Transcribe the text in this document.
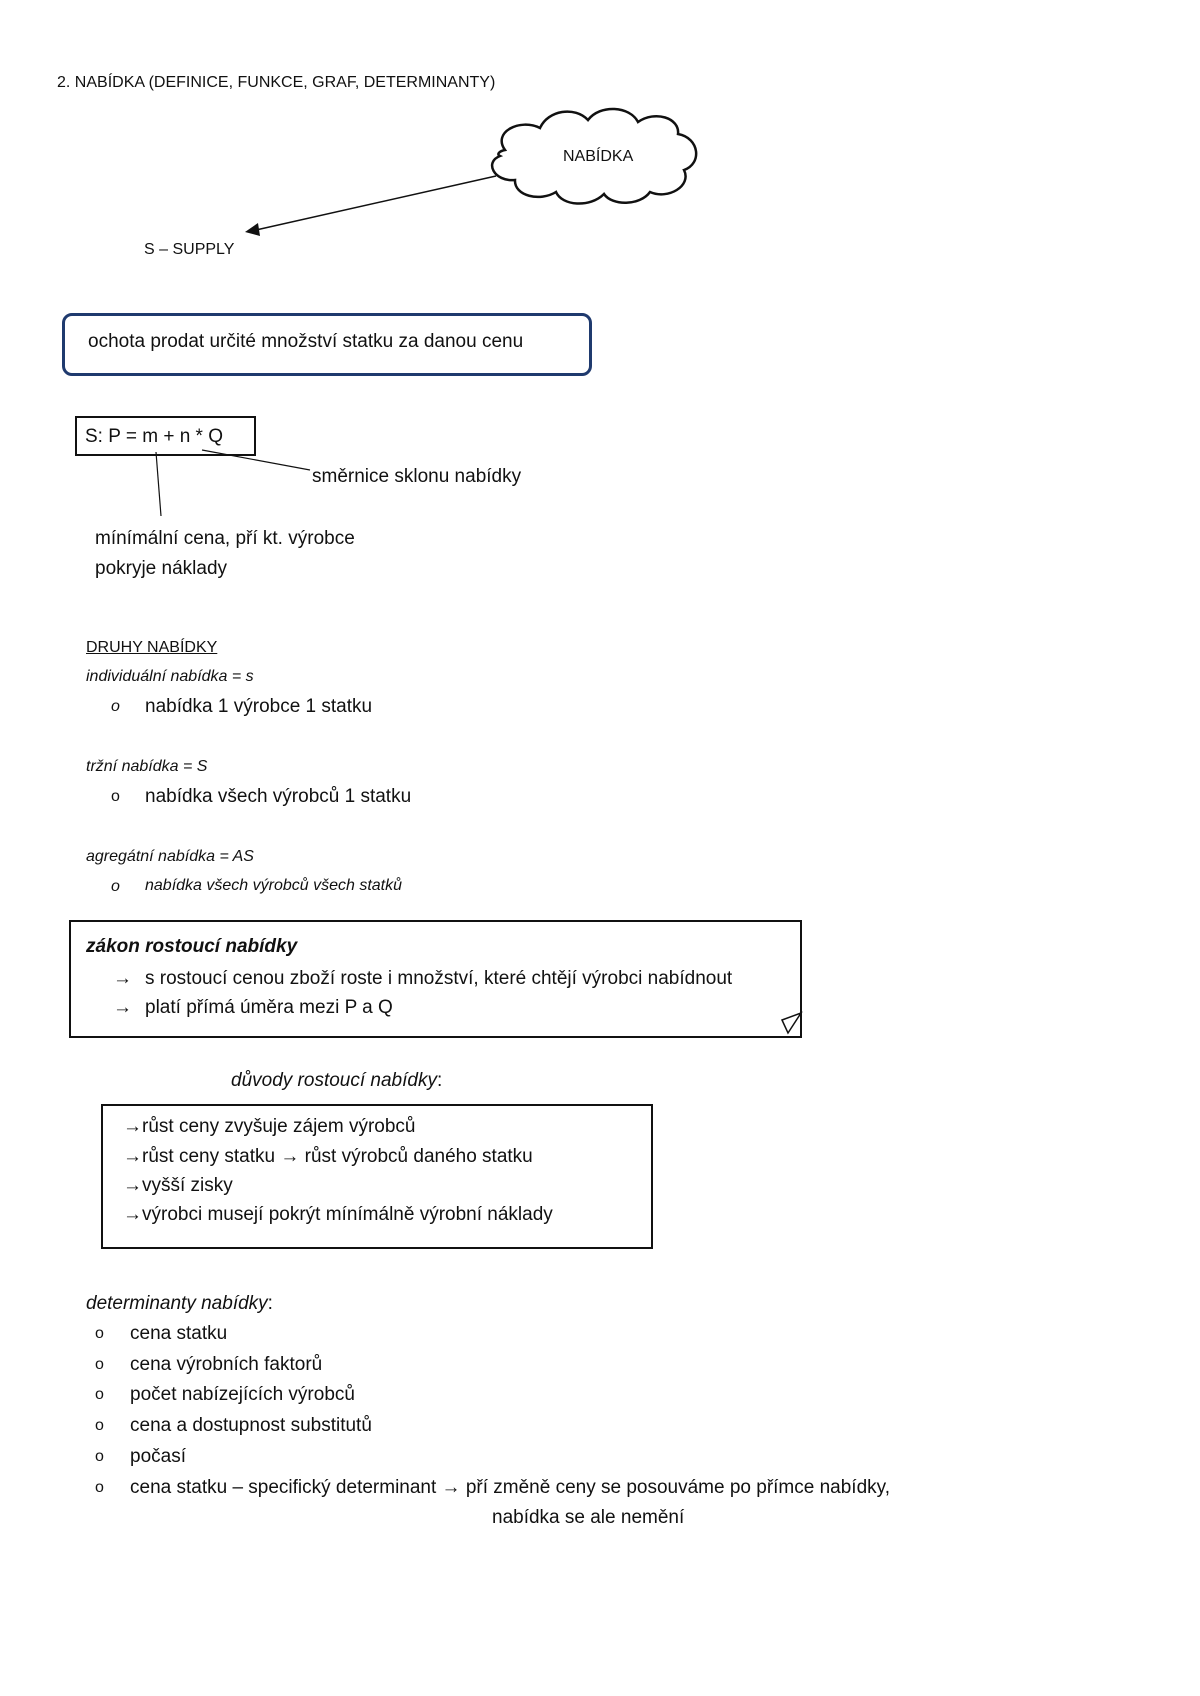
2. NABÍDKA (DEFINICE, FUNKCE, GRAF, DETERMINANTY)
NABÍDKA
S – SUPPLY
ochota prodat určité množství statku za danou cenu
S: P = m + n * Q
směrnice sklonu nabídky
mínímální cena, pří kt. výrobce
pokryje náklady
DRUHY NABÍDKY
individuální nabídka = s
o nabídka 1 výrobce 1 statku
tržní nabídka = S
o nabídka všech výrobců 1 statku
agregátní nabídka = AS
o nabídka všech výrobců všech statků
zákon rostoucí nabídky
→ s rostoucí cenou zboží roste i množství, které chtějí výrobci nabídnout
→ platí přímá úměra mezi P a Q
důvody rostoucí nabídky:
→růst ceny zvyšuje zájem výrobců
→růst ceny statku → růst výrobců daného statku
→vyšší zisky
→výrobci musejí pokrýt mínímálně výrobní náklady
determinanty nabídky:
o cena statku
o cena výrobních faktorů
o počet nabízejících výrobců
o cena a dostupnost substitutů
o počasí
o cena statku – specifický determinant → pří změně ceny se posouváme po přímce nabídky,
nabídka se ale nemění
